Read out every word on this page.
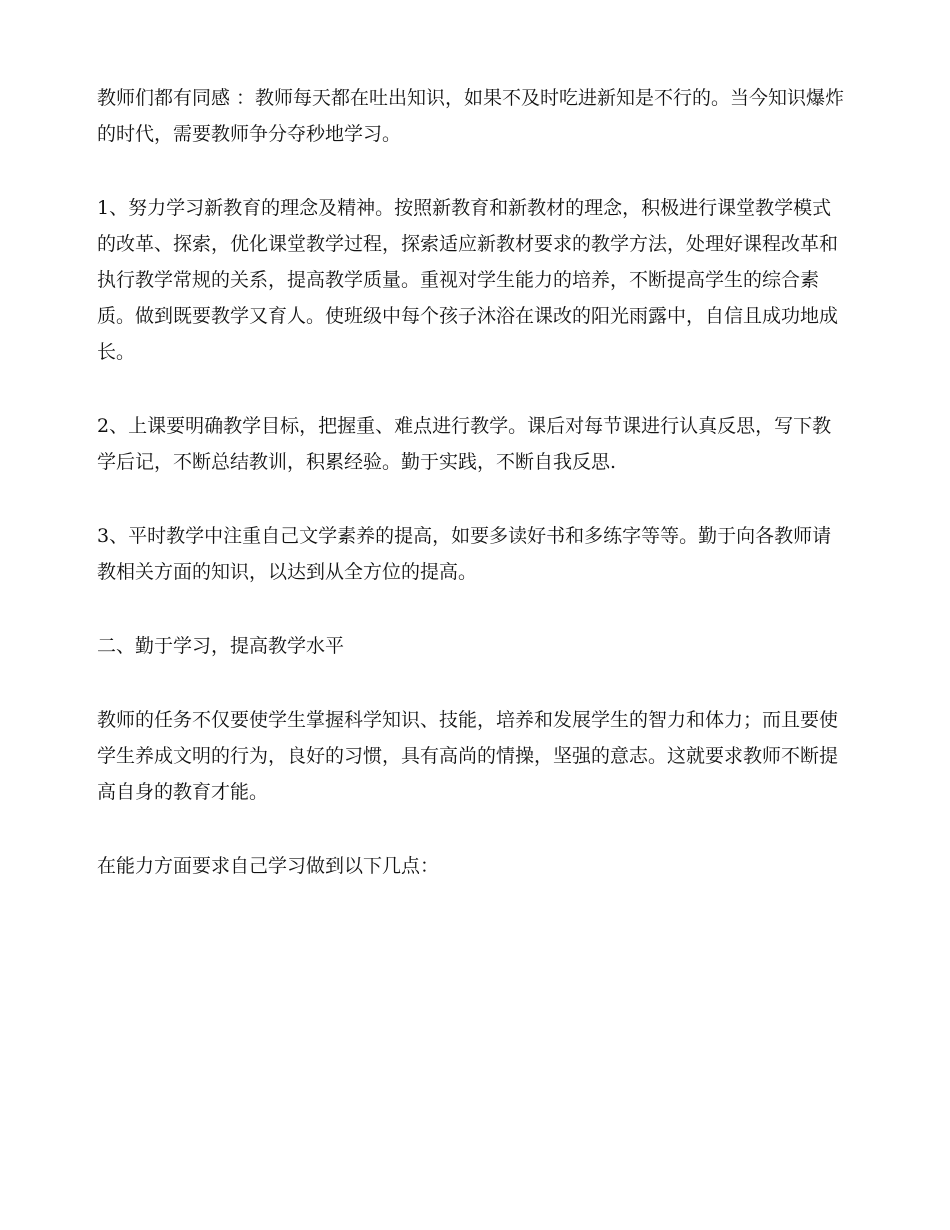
教师们都有同感 ：教师每天都在吐出知识，如果不及时吃进新知是不行的。当今知识爆炸的时代，需要教师争分夺秒地学习。

1、努力学习新教育的理念及精神。按照新教育和新教材的理念，积极进行课堂教学模式的改革、探索，优化课堂教学过程，探索适应新教材要求的教学方法，处理好课程改革和执行教学常规的关系，提高教学质量。重视对学生能力的培养，不断提高学生的综合素质。做到既要教学又育人。使班级中每个孩子沐浴在课改的阳光雨露中，自信且成功地成长。

2、上课要明确教学目标，把握重、难点进行教学。课后对每节课进行认真反思，写下教学后记，不断总结教训，积累经验。勤于实践，不断自我反思.

3、平时教学中注重自己文学素养的提高，如要多读好书和多练字等等。勤于向各教师请教相关方面的知识，以达到从全方位的提高。

二、勤于学习，提高教学水平

教师的任务不仅要使学生掌握科学知识、技能，培养和发展学生的智力和体力；而且要使学生养成文明的行为，良好的习惯，具有高尚的情操，坚强的意志。这就要求教师不断提高自身的教育才能。

在能力方面要求自己学习做到以下几点：
